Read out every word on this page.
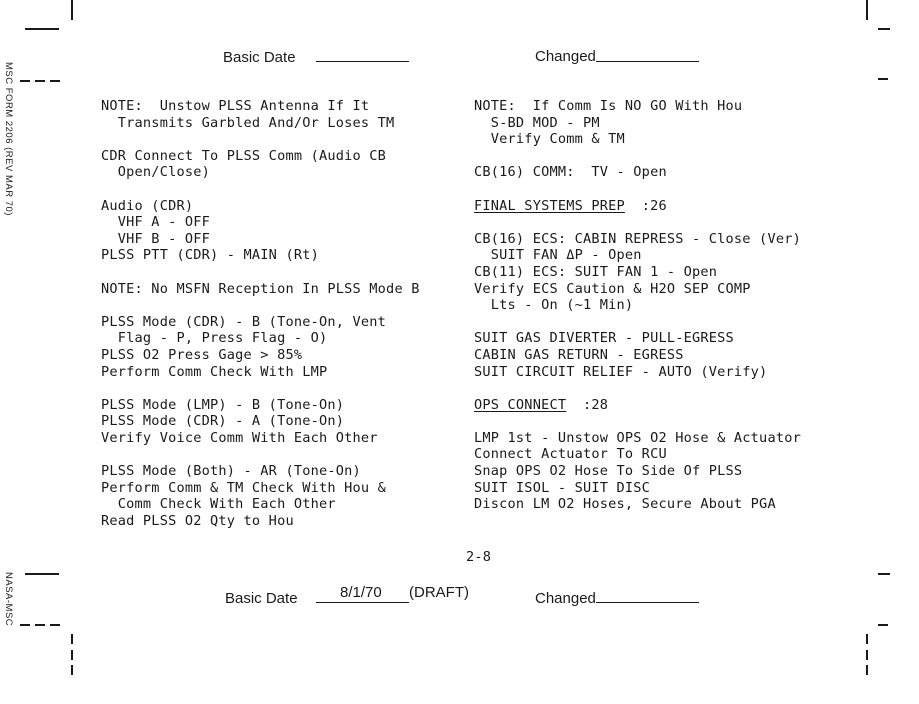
MSC FORM 2206 (REV MAR 70)
NASA-MSC
Basic Date	Changed
NOTE:  Unstow PLSS Antenna If It
Transmits Garbled And/Or Loses TM
CDR Connect To PLSS Comm (Audio CB
Open/Close)
Audio (CDR)
VHF A - OFF
VHF B - OFF
PLSS PTT (CDR) - MAIN (Rt)
NOTE: No MSFN Reception In PLSS Mode B
PLSS Mode (CDR) - B (Tone-On, Vent
Flag - P, Press Flag - O)
PLSS O2 Press Gage > 85%
Perform Comm Check With LMP
PLSS Mode (LMP) - B (Tone-On)
PLSS Mode (CDR) - A (Tone-On)
Verify Voice Comm With Each Other
PLSS Mode (Both) - AR (Tone-On)
Perform Comm & TM Check With Hou &
Comm Check With Each Other
Read PLSS O2 Qty to Hou
NOTE:  If Comm Is NO GO With Hou
S-BD MOD - PM
Verify Comm & TM
CB(16) COMM:  TV - Open
FINAL SYSTEMS PREP  :26
CB(16) ECS: CABIN REPRESS - Close (Ver)
SUIT FAN ΔP - Open
CB(11) ECS: SUIT FAN 1 - Open
Verify ECS Caution & H2O SEP COMP
Lts - On (~1 Min)
SUIT GAS DIVERTER - PULL-EGRESS
CABIN GAS RETURN - EGRESS
SUIT CIRCUIT RELIEF - AUTO (Verify)
OPS CONNECT  :28
LMP 1st - Unstow OPS O2 Hose & Actuator
Connect Actuator To RCU
Snap OPS O2 Hose To Side Of PLSS
SUIT ISOL - SUIT DISC
Discon LM O2 Hoses, Secure About PGA
2-8
Basic Date	8/1/70 (DRAFT)	Changed
